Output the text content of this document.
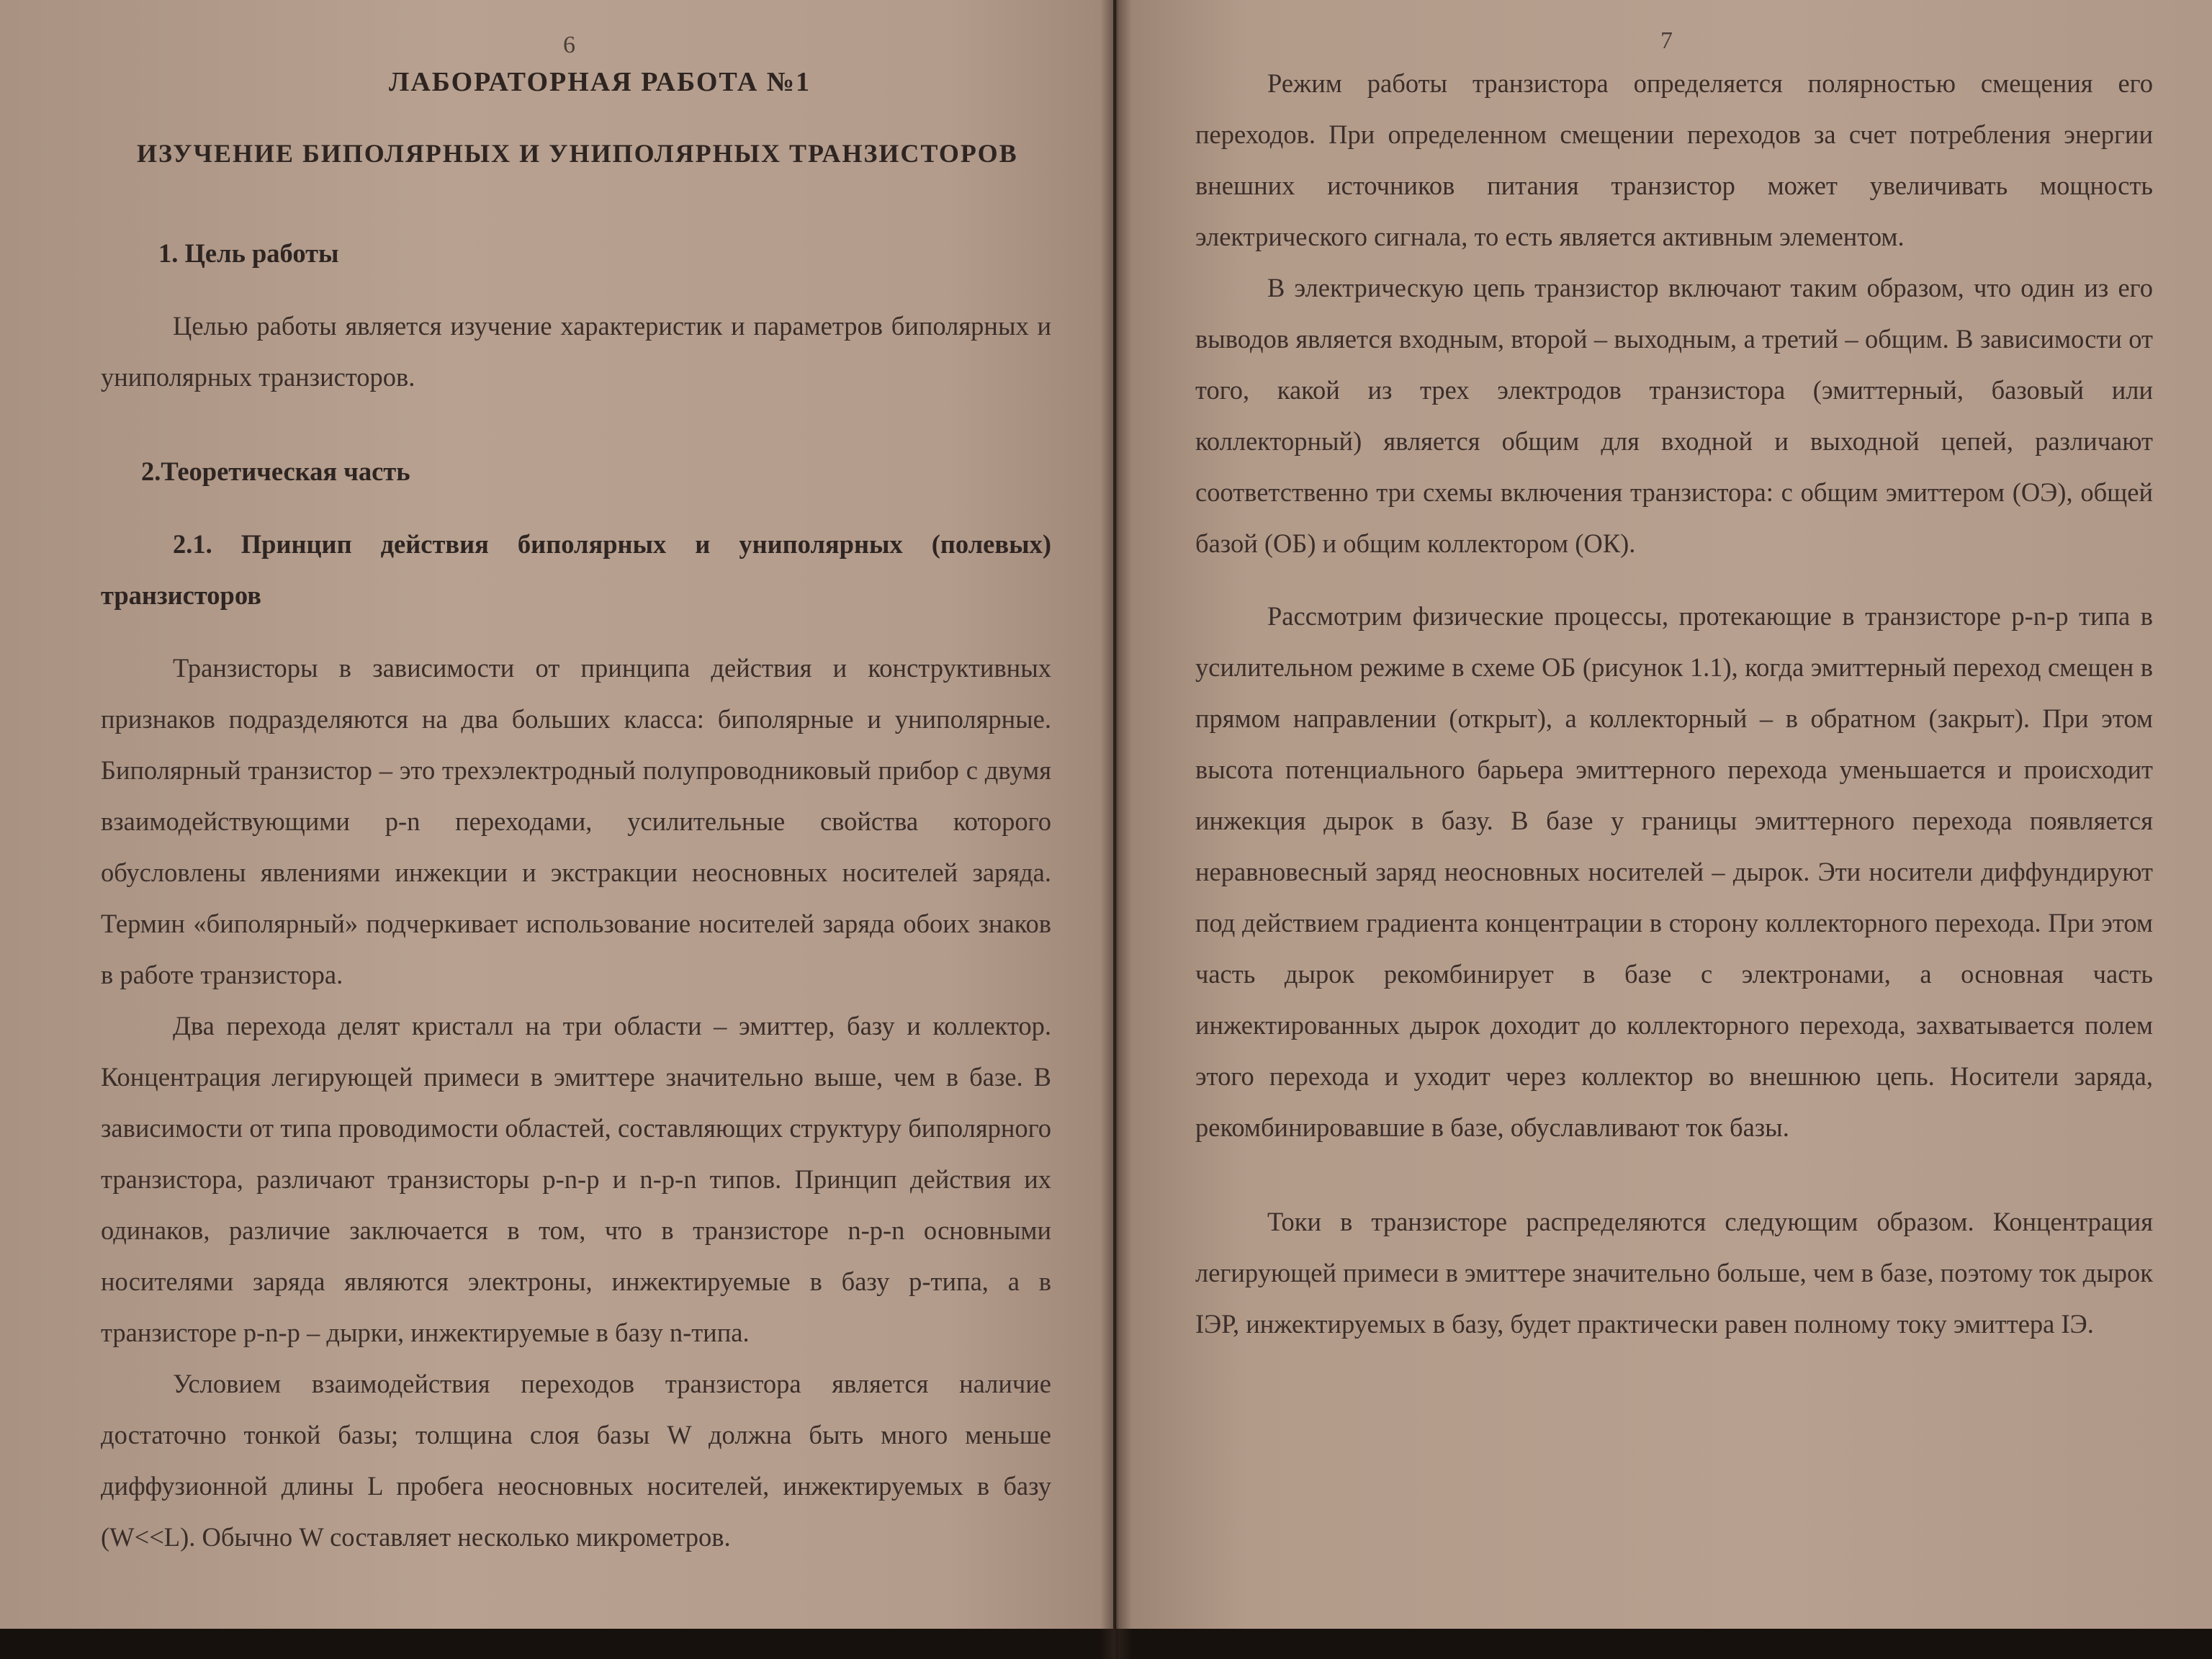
6
ЛАБОРАТОРНАЯ РАБОТА №1
ИЗУЧЕНИЕ БИПОЛЯРНЫХ И УНИПОЛЯРНЫХ ТРАНЗИСТОРОВ

1. Цель работы

Целью работы является изучение характеристик и параметров биполярных и униполярных транзисторов.

2.Теоретическая часть

2.1. Принцип действия биполярных и униполярных (полевых) транзисторов

Транзисторы в зависимости от принципа действия и конструктивных признаков подразделяются на два больших класса: биполярные и униполярные. Биполярный транзистор – это трехэлектродный полупроводниковый прибор с двумя взаимодействующими p-n переходами, усилительные свойства которого обусловлены явлениями инжекции и экстракции неосновных носителей заряда. Термин «биполярный» подчеркивает использование носителей заряда обоих знаков в работе транзистора.

Два перехода делят кристалл на три области – эмиттер, базу и коллектор. Концентрация легирующей примеси в эмиттере значительно выше, чем в базе. В зависимости от типа проводимости областей, составляющих структуру биполярного транзистора, различают транзисторы p-n-p и n-p-n типов. Принцип действия их одинаков, различие заключается в том, что в транзисторе n-p-n основными носителями заряда являются электроны, инжектируемые в базу p-типа, а в транзисторе p-n-p – дырки, инжектируемые в базу n-типа.

Условием взаимодействия переходов транзистора является наличие достаточно тонкой базы; толщина слоя базы W должна быть много меньше диффузионной длины L пробега неосновных носителей, инжектируемых в базу (W<<L). Обычно W составляет несколько микрометров.

7

Режим работы транзистора определяется полярностью смещения его переходов. При определенном смещении переходов за счет потребления энергии внешних источников питания транзистор может увеличивать мощность электрического сигнала, то есть является активным элементом.

В электрическую цепь транзистор включают таким образом, что один из его выводов является входным, второй – выходным, а третий – общим. В зависимости от того, какой из трех электродов транзистора (эмиттерный, базовый или коллекторный) является общим для входной и выходной цепей, различают соответственно три схемы включения транзистора: с общим эмиттером (ОЭ), общей базой (ОБ) и общим коллектором (ОК).

Рассмотрим физические процессы, протекающие в транзисторе p-n-p типа в усилительном режиме в схеме ОБ (рисунок 1.1), когда эмиттерный переход смещен в прямом направлении (открыт), а коллекторный – в обратном (закрыт). При этом высота потенциального барьера эмиттерного перехода уменьшается и происходит инжекция дырок в базу. В базе у границы эмиттерного перехода появляется неравновесный заряд неосновных носителей – дырок. Эти носители диффундируют под действием градиента концентрации в сторону коллекторного перехода. При этом часть дырок рекомбинирует в базе с электронами, а основная часть инжектированных дырок доходит до коллекторного перехода, захватывается полем этого перехода и уходит через коллектор во внешнюю цепь. Носители заряда, рекомбинировавшие в базе, обуславливают ток базы.

Токи в транзисторе распределяются следующим образом. Концентрация легирующей примеси в эмиттере значительно больше, чем в базе, поэтому ток дырок IЭР, инжектируемых в базу, будет практически равен полному току эмиттера IЭ.
